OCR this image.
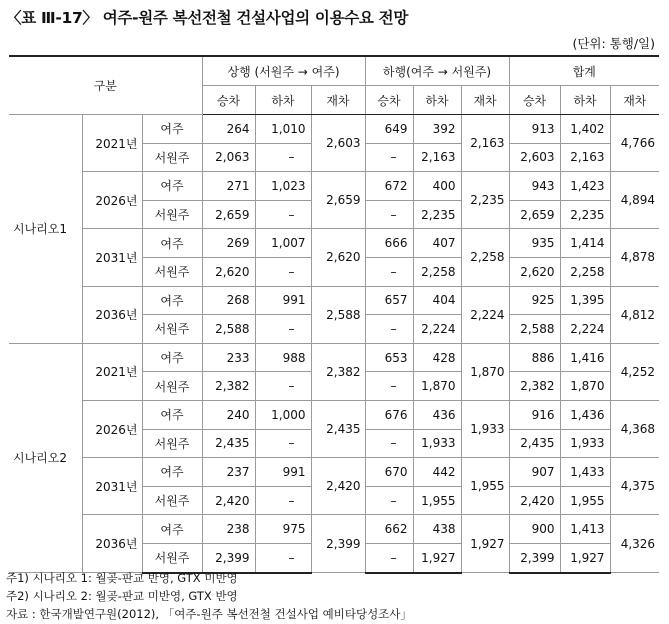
〈표 Ⅲ-17〉 여주-원주 복선전철 건설사업의 이용수요 전망
(단위: 통행/일)
구분			상행 (서원주 → 여주)			하행(여주 → 서원주)			합계		
			승차	하차	재차	승차	하차	재차	승차	하차	재차
시나리오1	2021년	여주	264	1,010	2,603	649	392	2,163	913	1,402	4,766
		서원주	2,063	–		–	2,163		2,603	2,163	
	2026년	여주	271	1,023	2,659	672	400	2,235	943	1,423	4,894
		서원주	2,659	–		–	2,235		2,659	2,235	
	2031년	여주	269	1,007	2,620	666	407	2,258	935	1,414	4,878
		서원주	2,620	–		–	2,258		2,620	2,258	
	2036년	여주	268	991	2,588	657	404	2,224	925	1,395	4,812
		서원주	2,588	–		–	2,224		2,588	2,224	
시나리오2	2021년	여주	233	988	2,382	653	428	1,870	886	1,416	4,252
		서원주	2,382	–		–	1,870		2,382	1,870	
	2026년	여주	240	1,000	2,435	676	436	1,933	916	1,436	4,368
		서원주	2,435	–		–	1,933		2,435	1,933	
	2031년	여주	237	991	2,420	670	442	1,955	907	1,433	4,375
		서원주	2,420	–		–	1,955		2,420	1,955	
	2036년	여주	238	975	2,399	662	438	1,927	900	1,413	4,326
		서원주	2,399	–		–	1,927		2,399	1,927	
주1) 시나리오 1: 월곶-판교 반영, GTX 미반영
주2) 시나리오 2: 월곶-판교 미반영, GTX 반영
자료 : 한국개발연구원(2012), 「여주-원주 복선전철 건설사업 예비타당성조사」
